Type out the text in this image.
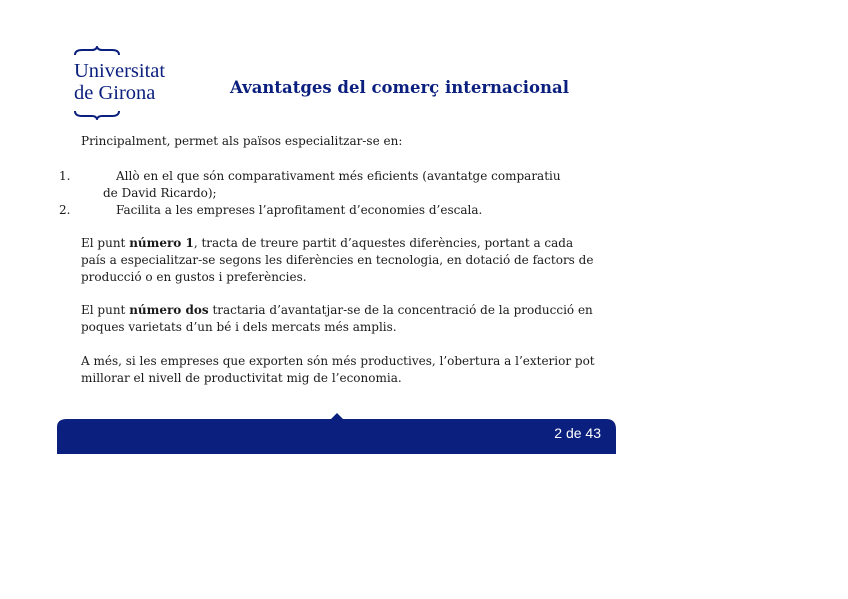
Universitat
de Girona	Avantatges del comerç internacional

Principalment, permet als països especialitzar-se en:

1.	Allò en el que són comparativament més eficients (avantatge comparatiu
de David Ricardo);
2.	Facilita a les empreses l’aprofitament d’economies d’escala.

El punt número 1, tracta de treure partit d’aquestes diferències, portant a cada país a especialitzar-se segons les diferències en tecnologia, en dotació de factors de producció o en gustos i preferències.

El punt número dos tractaria d’avantatjar-se de la concentració de la producció en poques varietats d’un bé i dels mercats més amplis.

A més, si les empreses que exporten són més productives, l’obertura a l’exterior pot millorar el nivell de productivitat mig de l’economia.

2 de 43
